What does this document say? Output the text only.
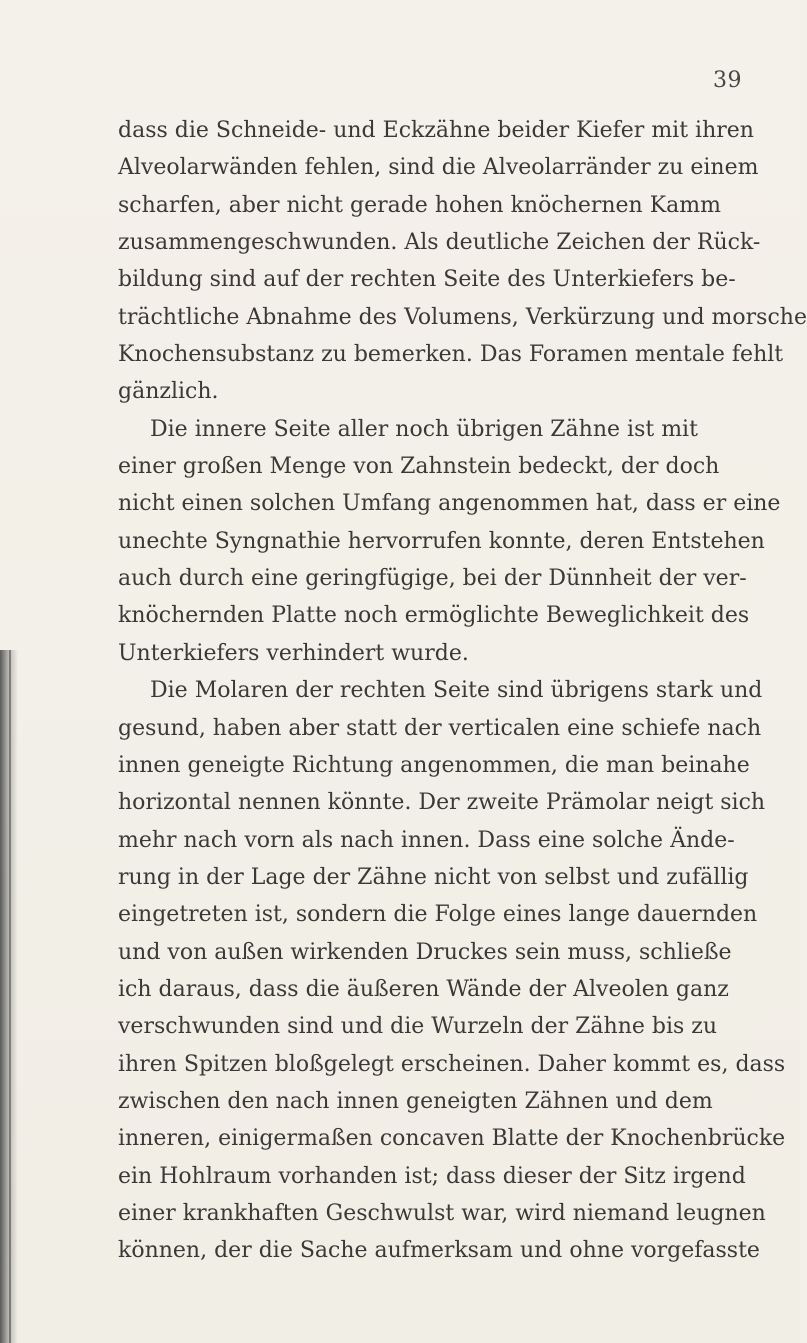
39
dass die Schneide- und Eckzähne beider Kiefer mit ihren
Alveolarwänden fehlen, sind die Alveolarränder zu einem
scharfen, aber nicht gerade hohen knöchernen Kamm
zusammengeschwunden. Als deutliche Zeichen der Rück-
bildung sind auf der rechten Seite des Unterkiefers be-
trächtliche Abnahme des Volumens, Verkürzung und morsche
Knochensubstanz zu bemerken. Das Foramen mentale fehlt
gänzlich.
Die innere Seite aller noch übrigen Zähne ist mit
einer großen Menge von Zahnstein bedeckt, der doch
nicht einen solchen Umfang angenommen hat, dass er eine
unechte Syngnathie hervorrufen konnte, deren Entstehen
auch durch eine geringfügige, bei der Dünnheit der ver-
knöchernden Platte noch ermöglichte Beweglichkeit des
Unterkiefers verhindert wurde.
Die Molaren der rechten Seite sind übrigens stark und
gesund, haben aber statt der verticalen eine schiefe nach
innen geneigte Richtung angenommen, die man beinahe
horizontal nennen könnte. Der zweite Prämolar neigt sich
mehr nach vorn als nach innen. Dass eine solche Ände-
rung in der Lage der Zähne nicht von selbst und zufällig
eingetreten ist, sondern die Folge eines lange dauernden
und von außen wirkenden Druckes sein muss, schließe
ich daraus, dass die äußeren Wände der Alveolen ganz
verschwunden sind und die Wurzeln der Zähne bis zu
ihren Spitzen bloßgelegt erscheinen. Daher kommt es, dass
zwischen den nach innen geneigten Zähnen und dem
inneren, einigermaßen concaven Blatte der Knochenbrücke
ein Hohlraum vorhanden ist; dass dieser der Sitz irgend
einer krankhaften Geschwulst war, wird niemand leugnen
können, der die Sache aufmerksam und ohne vorgefasste
